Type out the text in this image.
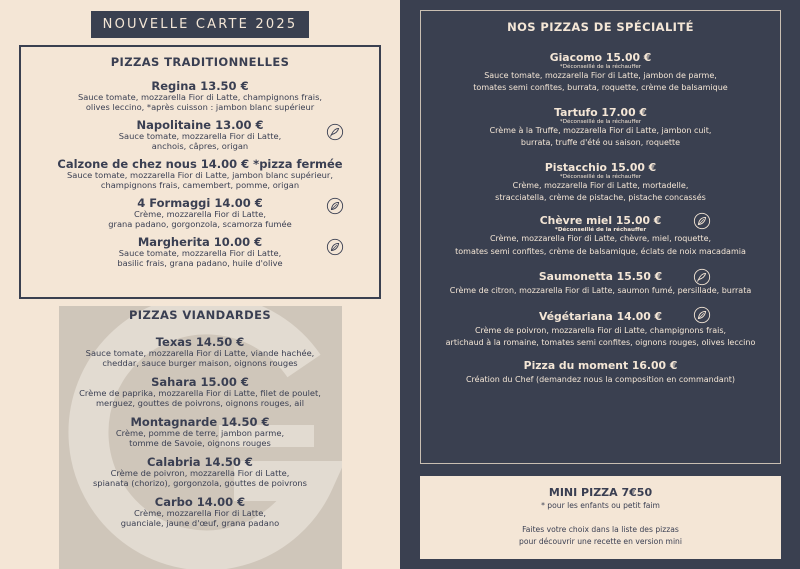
NOUVELLE CARTE 2025
PIZZAS TRADITIONNELLES
Regina 13.50 €
Sauce tomate, mozzarella Fior di Latte, champignons frais,
olives leccino, *après cuisson : jambon blanc supérieur
Napolitaine 13.00 €
Sauce tomate, mozzarella Fior di Latte,
anchois, câpres, origan
Calzone de chez nous 14.00 € *pizza fermée
Sauce tomate, mozzarella Fior di Latte, jambon blanc supérieur,
champignons frais, camembert, pomme, origan
4 Formaggi 14.00 €
Crème, mozzarella Fior di Latte,
grana padano, gorgonzola, scamorza fumée
Margherita 10.00 €
Sauce tomate, mozzarella Fior di Latte,
basilic frais, grana padano, huile d'olive
PIZZAS VIANDARDES
Texas 14.50 €
Sauce tomate, mozzarella Fior di Latte, viande hachée,
cheddar, sauce burger maison, oignons rouges
Sahara 15.00 €
Crème de paprika, mozzarella Fior di Latte, filet de poulet,
merguez, gouttes de poivrons, oignons rouges, ail
Montagnarde 14.50 €
Crème, pomme de terre, jambon parme,
tomme de Savoie, oignons rouges
Calabria 14.50 €
Crème de poivron, mozzarella Fior di Latte,
spianata (chorizo), gorgonzola, gouttes de poivrons
Carbo 14.00 €
Crème, mozzarella Fior di Latte,
guanciale, jaune d'œuf, grana padano
NOS PIZZAS DE SPÉCIALITÉ
Giacomo 15.00 €
*Déconseillé de la réchauffer
Sauce tomate, mozzarella Fior di Latte, jambon de parme,
tomates semi confites, burrata, roquette, crème de balsamique
Tartufo 17.00 €
*Déconseillé de la réchauffer
Crème à la Truffe, mozzarella Fior di Latte, jambon cuit,
burrata, truffe d'été ou saison, roquette
Pistacchio 15.00 €
*Déconseillé de la réchauffer
Crème, mozzarella Fior di Latte, mortadelle,
stracciatella, crème de pistache, pistache concassés
Chèvre miel 15.00 €
*Déconseillé de la réchauffer
Crème, mozzarella Fior di Latte, chèvre, miel, roquette,
tomates semi confites, crème de balsamique, éclats de noix macadamia
Saumonetta 15.50 €
Crème de citron, mozzarella Fior di Latte, saumon fumé, persillade, burrata
Végétariana 14.00 €
Crème de poivron, mozzarella Fior di Latte, champignons frais,
artichaud à la romaine, tomates semi confites, oignons rouges, olives leccino
Pizza du moment 16.00 €
Création du Chef (demandez nous la composition en commandant)
MINI PIZZA 7€50
* pour les enfants ou petit faim
Faites votre choix dans la liste des pizzas
pour découvrir une recette en version mini
